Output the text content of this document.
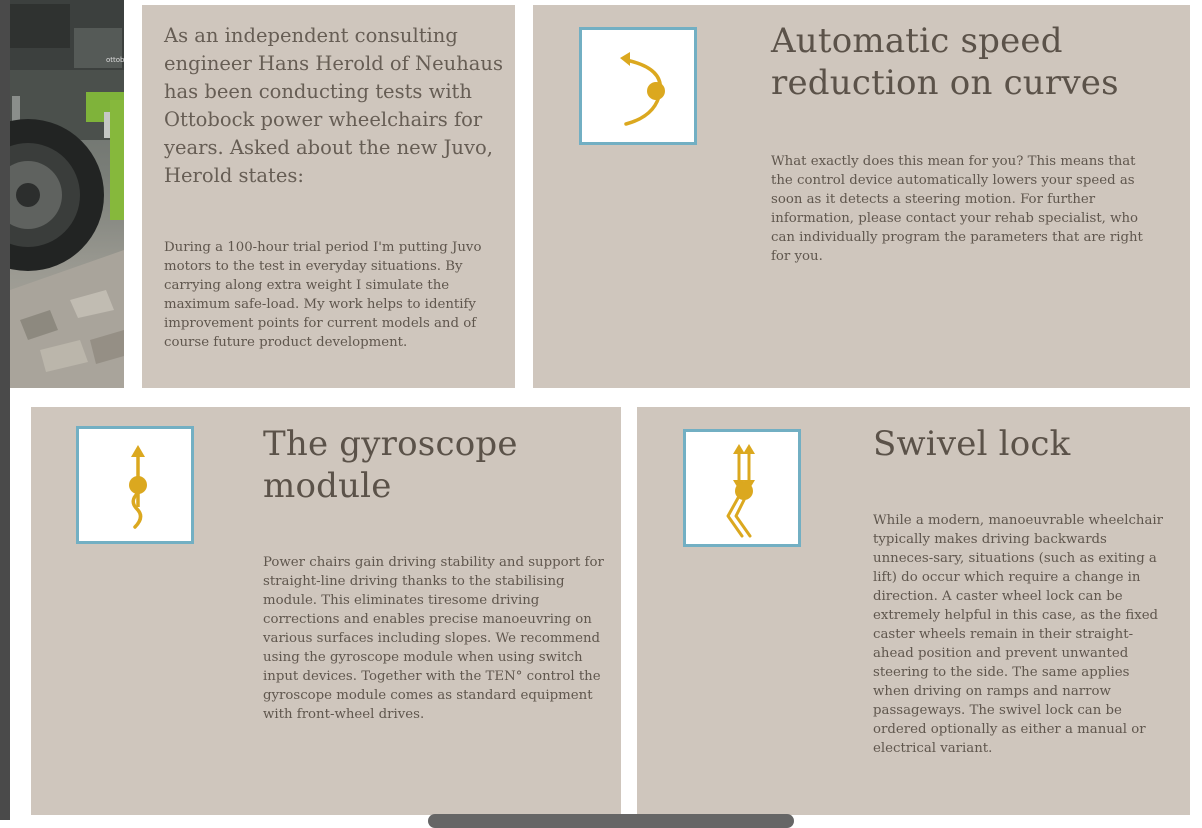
ottob

As an independent consulting engineer Hans Herold of Neuhaus has been conducting tests with Ottobock power wheelchairs for years. Asked about the new Juvo, Herold states:

During a 100-hour trial period I'm putting Juvo motors to the test in everyday situations. By carrying along extra weight I simulate the maximum safe-load. My work helps to identify improvement points for current models and of course future product development.

Automatic speed reduction on curves

What exactly does this mean for you? This means that the control device automatically lowers your speed as soon as it detects a steering motion. For further information, please contact your rehab specialist, who can individually program the parameters that are right for you.

The gyroscope module

Power chairs gain driving stability and support for straight-line driving thanks to the stabilising module. This eliminates tiresome driving corrections and enables precise manoeuvring on various surfaces including slopes. We recommend using the gyroscope module when using switch input devices. Together with the TEN° control the gyroscope module comes as standard equipment with front-wheel drives.

Swivel lock

While a modern, manoeuvrable wheelchair typically makes driving backwards unneces-sary, situations (such as exiting a lift) do occur which require a change in direction. A caster wheel lock can be extremely helpful in this case, as the fixed caster wheels remain in their straight-ahead position and prevent unwanted steering to the side. The same applies when driving on ramps and narrow passageways. The swivel lock can be ordered optionally as either a manual or electrical variant.
